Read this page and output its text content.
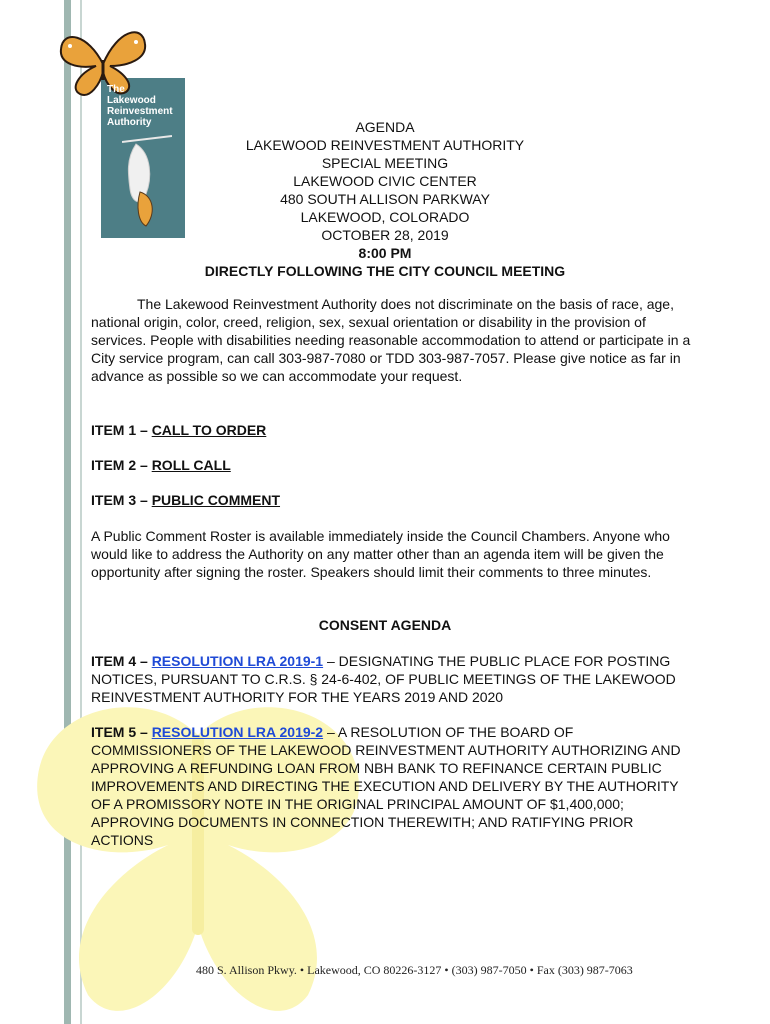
The
Lakewood
Reinvestment
Authority	AGENDA
LAKEWOOD REINVESTMENT AUTHORITY
SPECIAL MEETING
LAKEWOOD CIVIC CENTER
480 SOUTH ALLISON PARKWAY
LAKEWOOD, COLORADO
OCTOBER 28, 2019
8:00 PM
DIRECTLY FOLLOWING THE CITY COUNCIL MEETING
The Lakewood Reinvestment Authority does not discriminate on the basis of race, age, national origin, color, creed, religion, sex, sexual orientation or disability in the provision of services. People with disabilities needing reasonable accommodation to attend or participate in a City service program, can call 303-987-7080 or TDD 303-987-7057. Please give notice as far in advance as possible so we can accommodate your request.
ITEM 1 – CALL TO ORDER
ITEM 2 – ROLL CALL
ITEM 3 – PUBLIC COMMENT
A Public Comment Roster is available immediately inside the Council Chambers. Anyone who would like to address the Authority on any matter other than an agenda item will be given the opportunity after signing the roster. Speakers should limit their comments to three minutes.
CONSENT AGENDA
ITEM 4 – RESOLUTION LRA 2019-1 – DESIGNATING THE PUBLIC PLACE FOR POSTING NOTICES, PURSUANT TO C.R.S. § 24-6-402, OF PUBLIC MEETINGS OF THE LAKEWOOD REINVESTMENT AUTHORITY FOR THE YEARS 2019 AND 2020
ITEM 5 – RESOLUTION LRA 2019-2 – A RESOLUTION OF THE BOARD OF COMMISSIONERS OF THE LAKEWOOD REINVESTMENT AUTHORITY AUTHORIZING AND APPROVING A REFUNDING LOAN FROM NBH BANK TO REFINANCE CERTAIN PUBLIC IMPROVEMENTS AND DIRECTING THE EXECUTION AND DELIVERY BY THE AUTHORITY OF A PROMISSORY NOTE IN THE ORIGINAL PRINCIPAL AMOUNT OF $1,400,000; APPROVING DOCUMENTS IN CONNECTION THEREWITH; AND RATIFYING PRIOR ACTIONS
480 S. Allison Pkwy. • Lakewood, CO 80226-3127 • (303) 987-7050 • Fax (303) 987-7063
